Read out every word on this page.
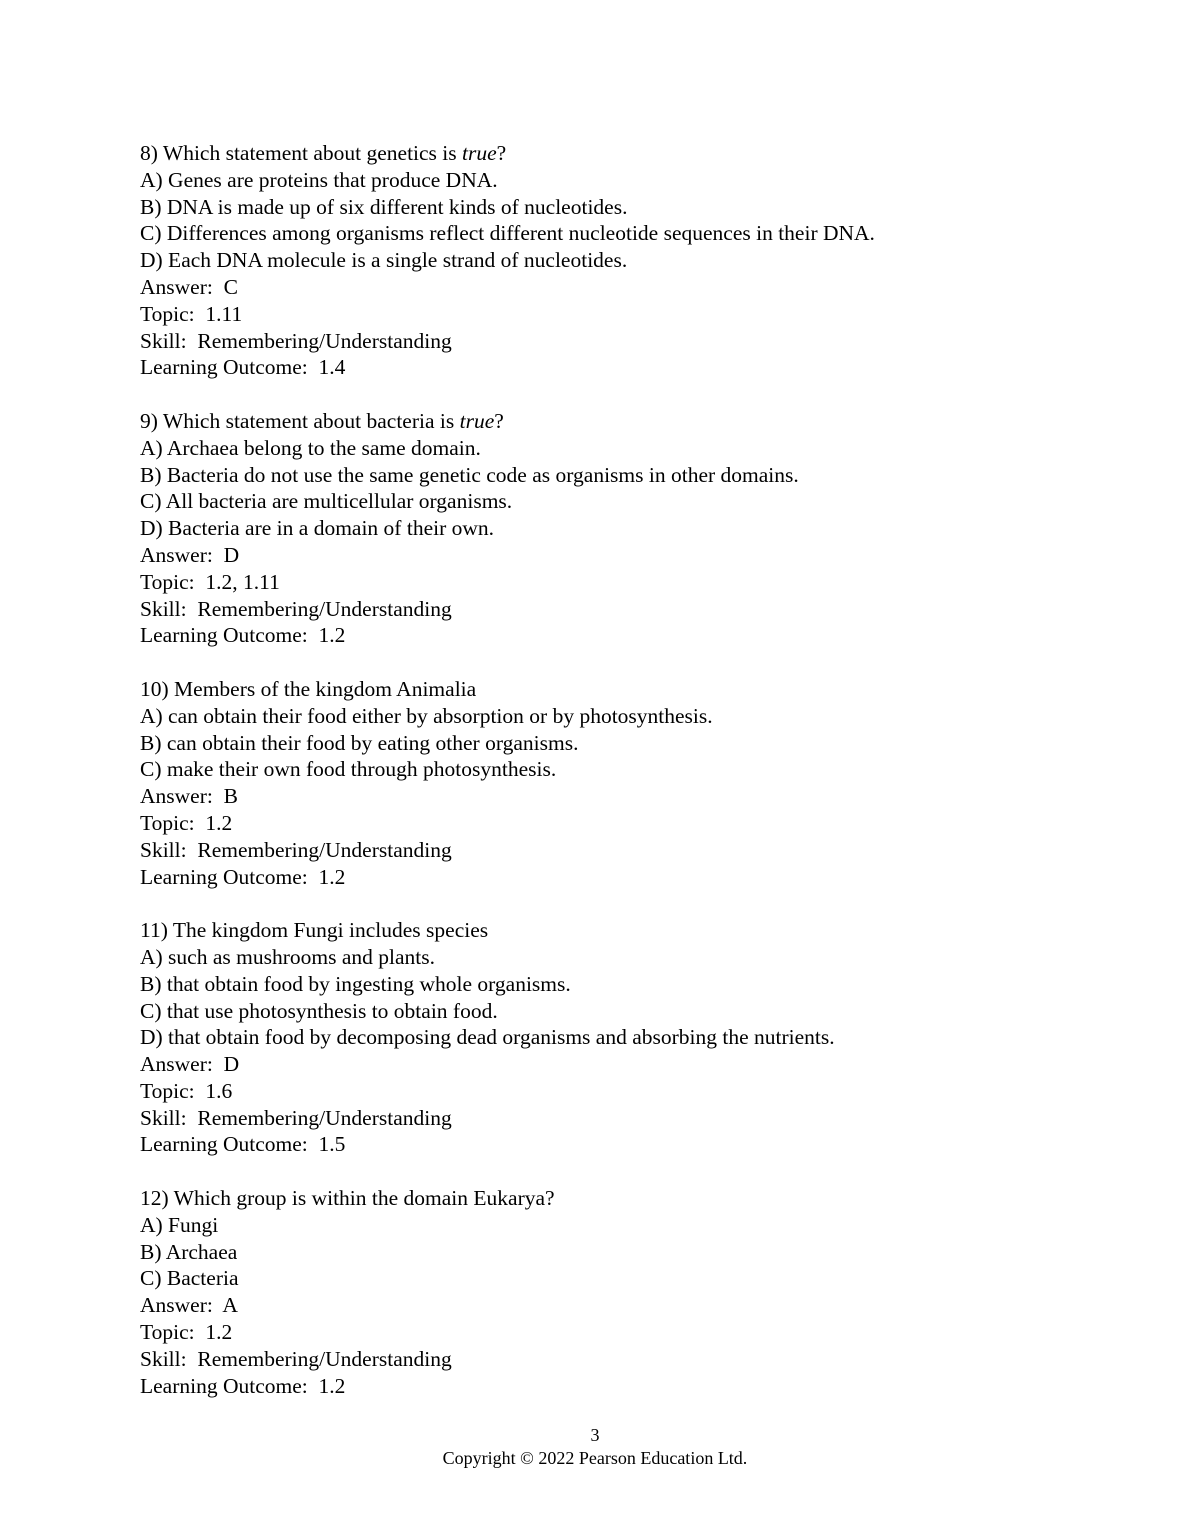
8) Which statement about genetics is true?
A) Genes are proteins that produce DNA.
B) DNA is made up of six different kinds of nucleotides.
C) Differences among organisms reflect different nucleotide sequences in their DNA.
D) Each DNA molecule is a single strand of nucleotides.
Answer:  C
Topic:  1.11
Skill:  Remembering/Understanding
Learning Outcome:  1.4
9) Which statement about bacteria is true?
A) Archaea belong to the same domain.
B) Bacteria do not use the same genetic code as organisms in other domains.
C) All bacteria are multicellular organisms.
D) Bacteria are in a domain of their own.
Answer:  D
Topic:  1.2, 1.11
Skill:  Remembering/Understanding
Learning Outcome:  1.2
10) Members of the kingdom Animalia
A) can obtain their food either by absorption or by photosynthesis.
B) can obtain their food by eating other organisms.
C) make their own food through photosynthesis.
Answer:  B
Topic:  1.2
Skill:  Remembering/Understanding
Learning Outcome:  1.2
11) The kingdom Fungi includes species
A) such as mushrooms and plants.
B) that obtain food by ingesting whole organisms.
C) that use photosynthesis to obtain food.
D) that obtain food by decomposing dead organisms and absorbing the nutrients.
Answer:  D
Topic:  1.6
Skill:  Remembering/Understanding
Learning Outcome:  1.5
12) Which group is within the domain Eukarya?
A) Fungi
B) Archaea
C) Bacteria
Answer:  A
Topic:  1.2
Skill:  Remembering/Understanding
Learning Outcome:  1.2
3
Copyright © 2022 Pearson Education Ltd.
